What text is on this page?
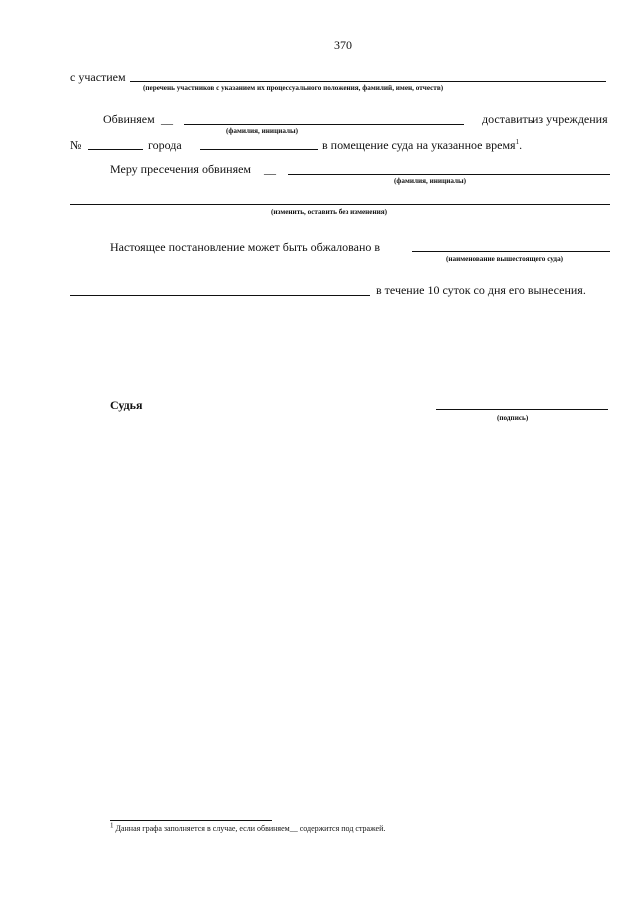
370
с участием
(перечень участников с указанием их процессуального положения, фамилий, имен, отчеств)
Обвиняем __	доставить
из учреждения
(фамилия, инициалы)
№	города	в помещение суда на указанное время$^1$.
Меру пресечения обвиняем __
(фамилия, инициалы)
(изменить, оставить без изменения)
Настоящее постановление может быть обжаловано в
(наименование вышестоящего суда)
в течение 10 суток со дня его вынесения.
Судья
(подпись)
1 Данная графа заполняется в случае, если обвиняем__ содержится под стражей.
